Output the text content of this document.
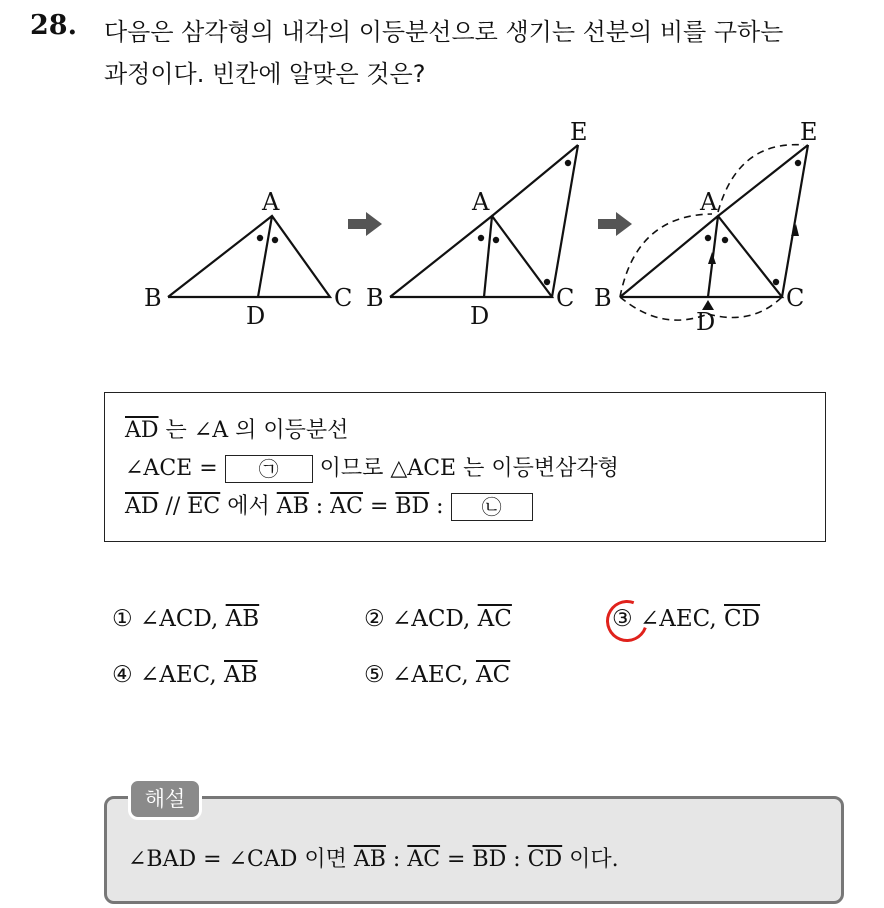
28. 다음은 삼각형의 내각의 이등분선으로 생기는 선분의 비를 구하는
과정이다. 빈칸에 알맞은 것은?
A
B	C
D
A
B	C
D
E
A
B	C
D
E
$\overline{AD}$ 는 ∠A 의 이등분선
∠ACE = ㉠ 이므로 △ACE 는 이등변삼각형
$\overline{AD} // \overline{EC}$ 에서 $\overline{AB}$ : $\overline{AC} = \overline{BD}$ : ㉡
① ∠ACD, $\overline{AB}$	② ∠ACD, $\overline{AC}$	③ ∠AEC, $\overline{CD}$
④ ∠AEC, $\overline{AB}$	⑤ ∠AEC, $\overline{AC}$
해설
∠BAD = ∠CAD 이면 $\overline{AB}$ : $\overline{AC} = \overline{BD}$ : $\overline{CD}$ 이다.
